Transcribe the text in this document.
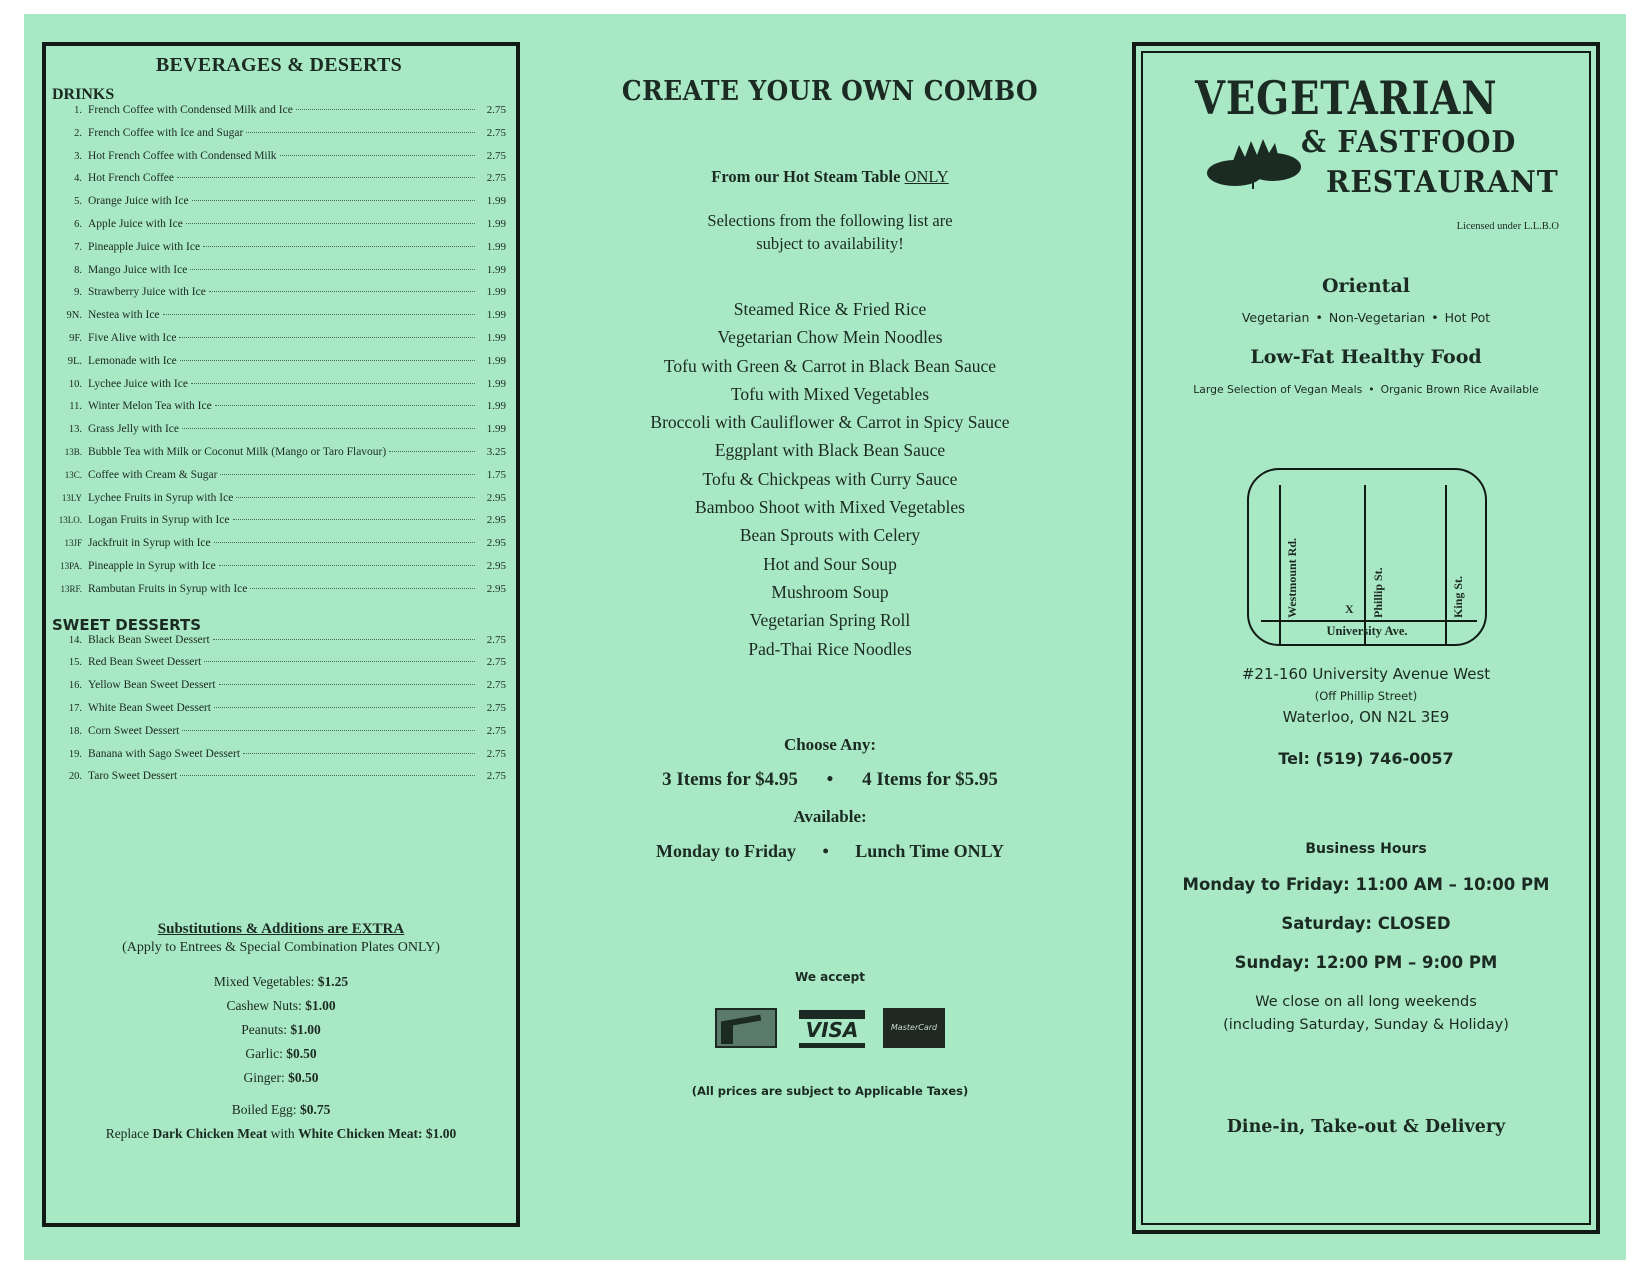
BEVERAGES & DESERTS
DRINKS
1. French Coffee with Condensed Milk and Ice	2.75
2. French Coffee with Ice and Sugar	2.75
3. Hot French Coffee with Condensed Milk	2.75
4. Hot French Coffee	2.75
5. Orange Juice with Ice	1.99
6. Apple Juice with Ice	1.99
7. Pineapple Juice with Ice	1.99
8. Mango Juice with Ice	1.99
9. Strawberry Juice with Ice	1.99
9N. Nestea with Ice	1.99
9F. Five Alive with Ice	1.99
9L. Lemonade with Ice	1.99
10. Lychee Juice with Ice	1.99
11. Winter Melon Tea with Ice	1.99
13. Grass Jelly with Ice	1.99
13B. Bubble Tea with Milk or Coconut Milk (Mango or Taro Flavour)	3.25
13C. Coffee with Cream & Sugar	1.75
13LY Lychee Fruits in Syrup with Ice	2.95
13LO. Logan Fruits in Syrup with Ice	2.95
13JF Jackfruit in Syrup with Ice	2.95
13PA. Pineapple in Syrup with Ice	2.95
13RF. Rambutan Fruits in Syrup with Ice	2.95
SWEET DESSERTS
14. Black Bean Sweet Dessert	2.75
15. Red Bean Sweet Dessert	2.75
16. Yellow Bean Sweet Dessert	2.75
17. White Bean Sweet Dessert	2.75
18. Corn Sweet Dessert	2.75
19. Banana with Sago Sweet Dessert	2.75
20. Taro Sweet Dessert	2.75
Substitutions & Additions are EXTRA
(Apply to Entrees & Special Combination Plates ONLY)
Mixed Vegetables: $1.25
Cashew Nuts: $1.00
Peanuts: $1.00
Garlic: $0.50
Ginger: $0.50
Boiled Egg: $0.75
Replace Dark Chicken Meat with White Chicken Meat: $1.00
CREATE YOUR OWN COMBO
From our Hot Steam Table ONLY
Selections from the following list are
subject to availability!
Steamed Rice & Fried Rice
Vegetarian Chow Mein Noodles
Tofu with Green & Carrot in Black Bean Sauce
Tofu with Mixed Vegetables
Broccoli with Cauliflower & Carrot in Spicy Sauce
Eggplant with Black Bean Sauce
Tofu & Chickpeas with Curry Sauce
Bamboo Shoot with Mixed Vegetables
Bean Sprouts with Celery
Hot and Sour Soup
Mushroom Soup
Vegetarian Spring Roll
Pad-Thai Rice Noodles
Choose Any:
3 Items for $4.95 • 4 Items for $5.95
Available:
Monday to Friday • Lunch Time ONLY
We accept
VISA	MasterCard
(All prices are subject to Applicable Taxes)
VEGETARIAN
& FASTFOOD
RESTAURANT
Licensed under L.L.B.O
Oriental
Vegetarian • Non-Vegetarian • Hot Pot
Low-Fat Healthy Food
Large Selection of Vegan Meals • Organic Brown Rice Available
Westmount Rd.	Phillip St.	King St.
University Ave.
X
#21-160 University Avenue West
(Off Phillip Street)
Waterloo, ON N2L 3E9
Tel: (519) 746-0057
Business Hours
Monday to Friday: 11:00 AM – 10:00 PM
Saturday: CLOSED
Sunday: 12:00 PM – 9:00 PM
We close on all long weekends
(including Saturday, Sunday & Holiday)
Dine-in, Take-out & Delivery
